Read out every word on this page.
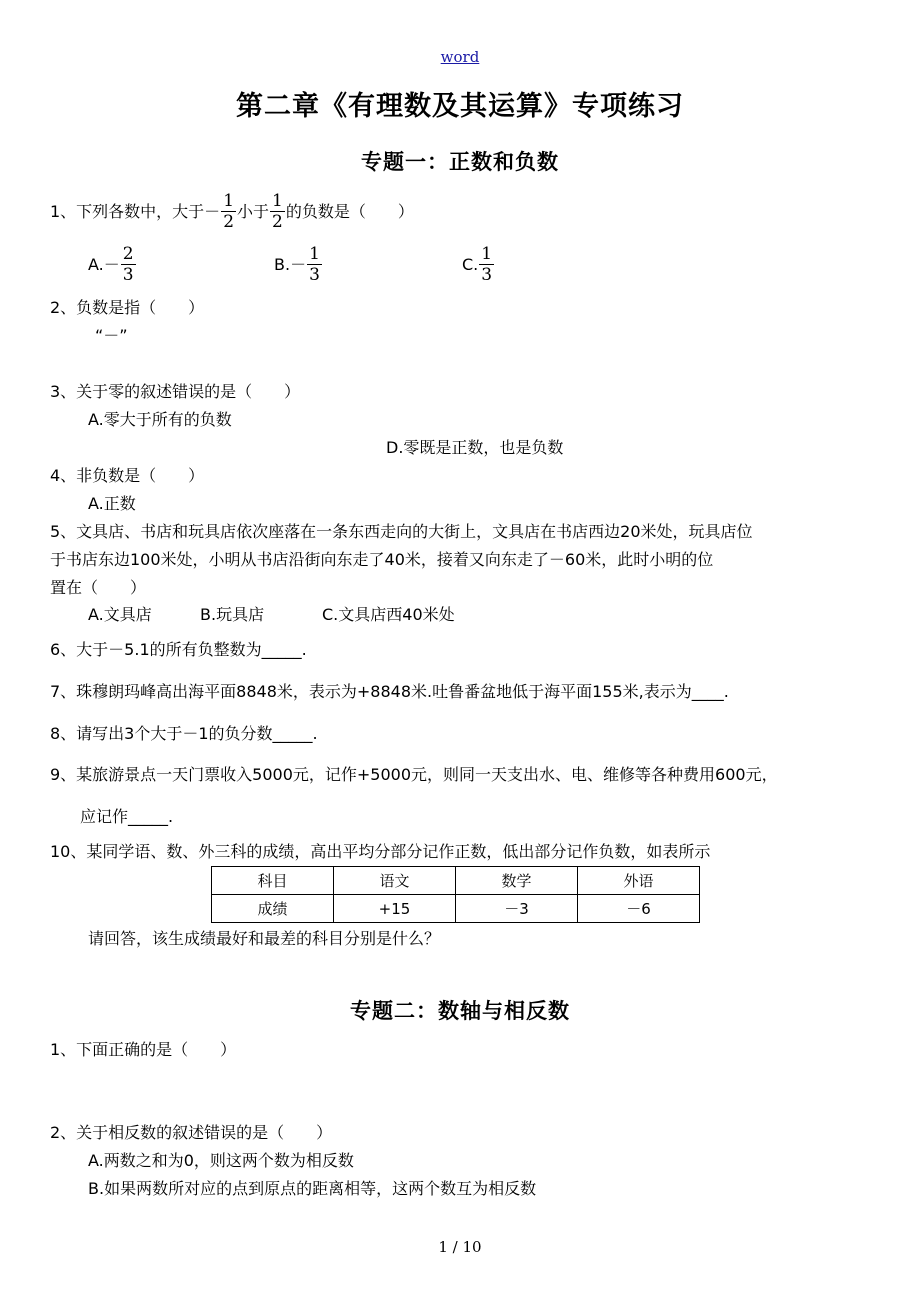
word
第二章《有理数及其运算》专项练习
专题一：正数和负数
1、下列各数中，大于－ $\frac{1}{2}$ 小于 $\frac{1}{2}$ 的负数是（　　）
$A.- \frac{2}{3}$	$B.- \frac{1}{3}$	C. $\frac{1}{3}$
2、负数是指（　　）
“－”
3、关于零的叙述错误的是（　　）
A.零大于所有的负数
D.零既是正数，也是负数
4、非负数是（　　）
A.正数
5、文具店、书店和玩具店依次座落在一条东西走向的大街上，文具店在书店西边20米处，玩具店位
于书店东边100米处，小明从书店沿街向东走了40米，接着又向东走了－60米，此时小明的位
置在（　　）
A.文具店	B.玩具店	C.文具店西40米处
6、大于－5.1的所有负整数为_____.
7、珠穆朗玛峰高出海平面8848米，表示为+8848米.吐鲁番盆地低于海平面155米,表示为____.
8、请写出3个大于－1的负分数_____.
9、某旅游景点一天门票收入5000元，记作+5000元，则同一天支出水、电、维修等各种费用600元，
应记作_____.
10、某同学语、数、外三科的成绩，高出平均分部分记作正数，低出部分记作负数，如表所示
科目	语文	数学	外语
成绩	+15	－3	－6
请回答，该生成绩最好和最差的科目分别是什么？
专题二：数轴与相反数
1、下面正确的是（　　）
2、关于相反数的叙述错误的是（　　）
A.两数之和为0，则这两个数为相反数
B.如果两数所对应的点到原点的距离相等，这两个数互为相反数
1 / 10
